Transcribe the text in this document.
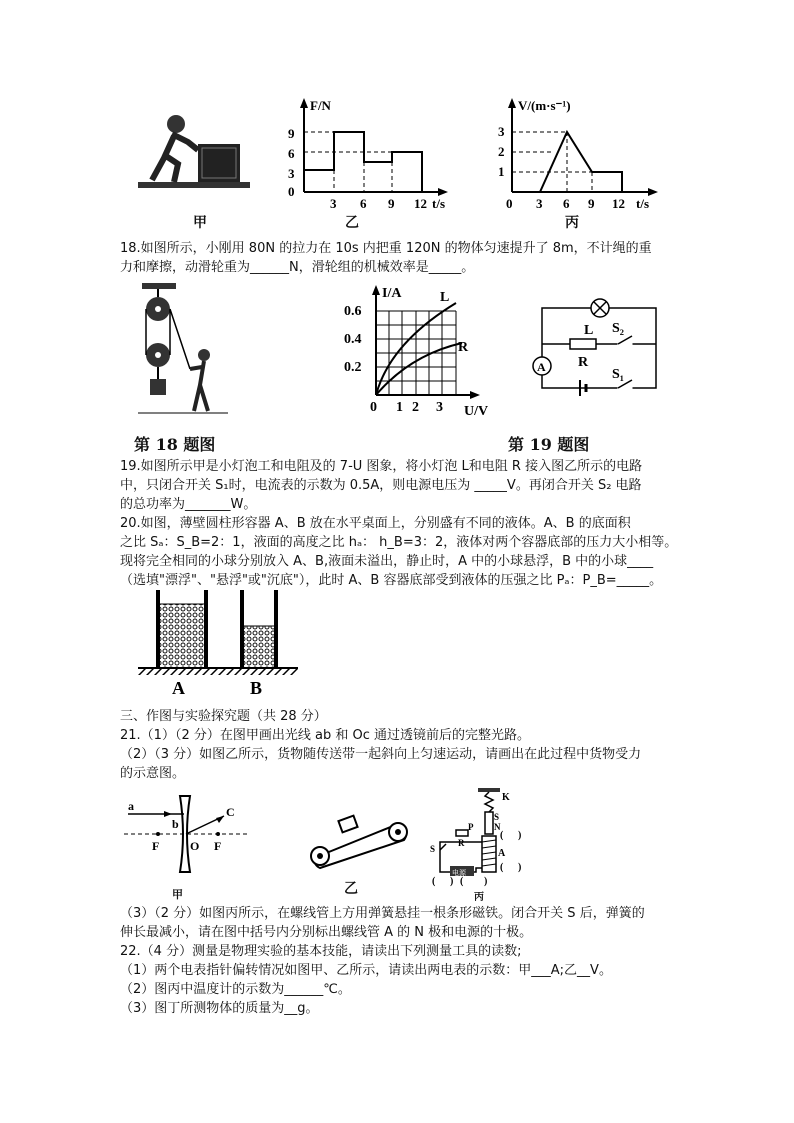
甲
F/N
9
6
3
0
3 6 9 12 t/s
乙
V/(m·s⁻¹)
3
2
1
0 3 6 9 12 t/s
丙
18.如图所示，小刚用 80N 的拉力在 10s 内把重 120N 的物体匀速提升了 8m，不计绳的重
力和摩擦，动滑轮重为______N，滑轮组的机械效率是_____。
第 18 题图
I/A	L
R
0.6
0.4
0.2
0 1 2 3 U/V
A
L
R
S₂
S₁
第 19 题图
19.如图所示甲是小灯泡工和电阻及的 7-U 图象，将小灯泡 L和电阻 R 接入图乙所示的电路
中，只闭合开关 S₁时，电流表的示数为 0.5A，则电源电压为 _____V。再闭合开关 S₂ 电路
的总功率为_______W。
20.如图，薄壁圆柱形容器 A、B 放在水平桌面上，分别盛有不同的液体。A、B 的底面积
之比 Sₐ：S_B=2：1，液面的高度之比 hₐ： h_B=3：2，液体对两个容器底部的压力大小相等。
现将完全相同的小球分别放入 A、B,液面未溢出，静止时，A 中的小球悬浮，B 中的小球____
（选填"漂浮"、"悬浮"或"沉底"），此时 A、B 容器底部受到液体的压强之比 Pₐ：P_B=_____。
A	B
三、作图与实验探究题（共 28 分）
21.（1）（2 分）在图甲画出光线 ab 和 Oc 通过透镜前后的完整光路。
（2）（3 分）如图乙所示，货物随传送带一起斜向上匀速运动，请画出在此过程中货物受力
的示意图。
a
b
C
F	O F
甲	乙
K
S
N
A
( )
( )
R
P
S
电源
( ) ( )
丙
（3）（2 分）如图丙所示，在螺线管上方用弹簧悬挂一根条形磁铁。闭合开关 S 后，弹簧的
伸长最减小，请在图中括号内分别标出螺线管 A 的 N 极和电源的十极。
22.（4 分）测量是物理实验的基本技能，请读出下列测量工具的读数;
（1）两个电表指针偏转情况如图甲、乙所示，请读出两电表的示数：甲___A;乙__V。
（2）图丙中温度计的示数为______℃。
（3）图丁所测物体的质量为__g。
